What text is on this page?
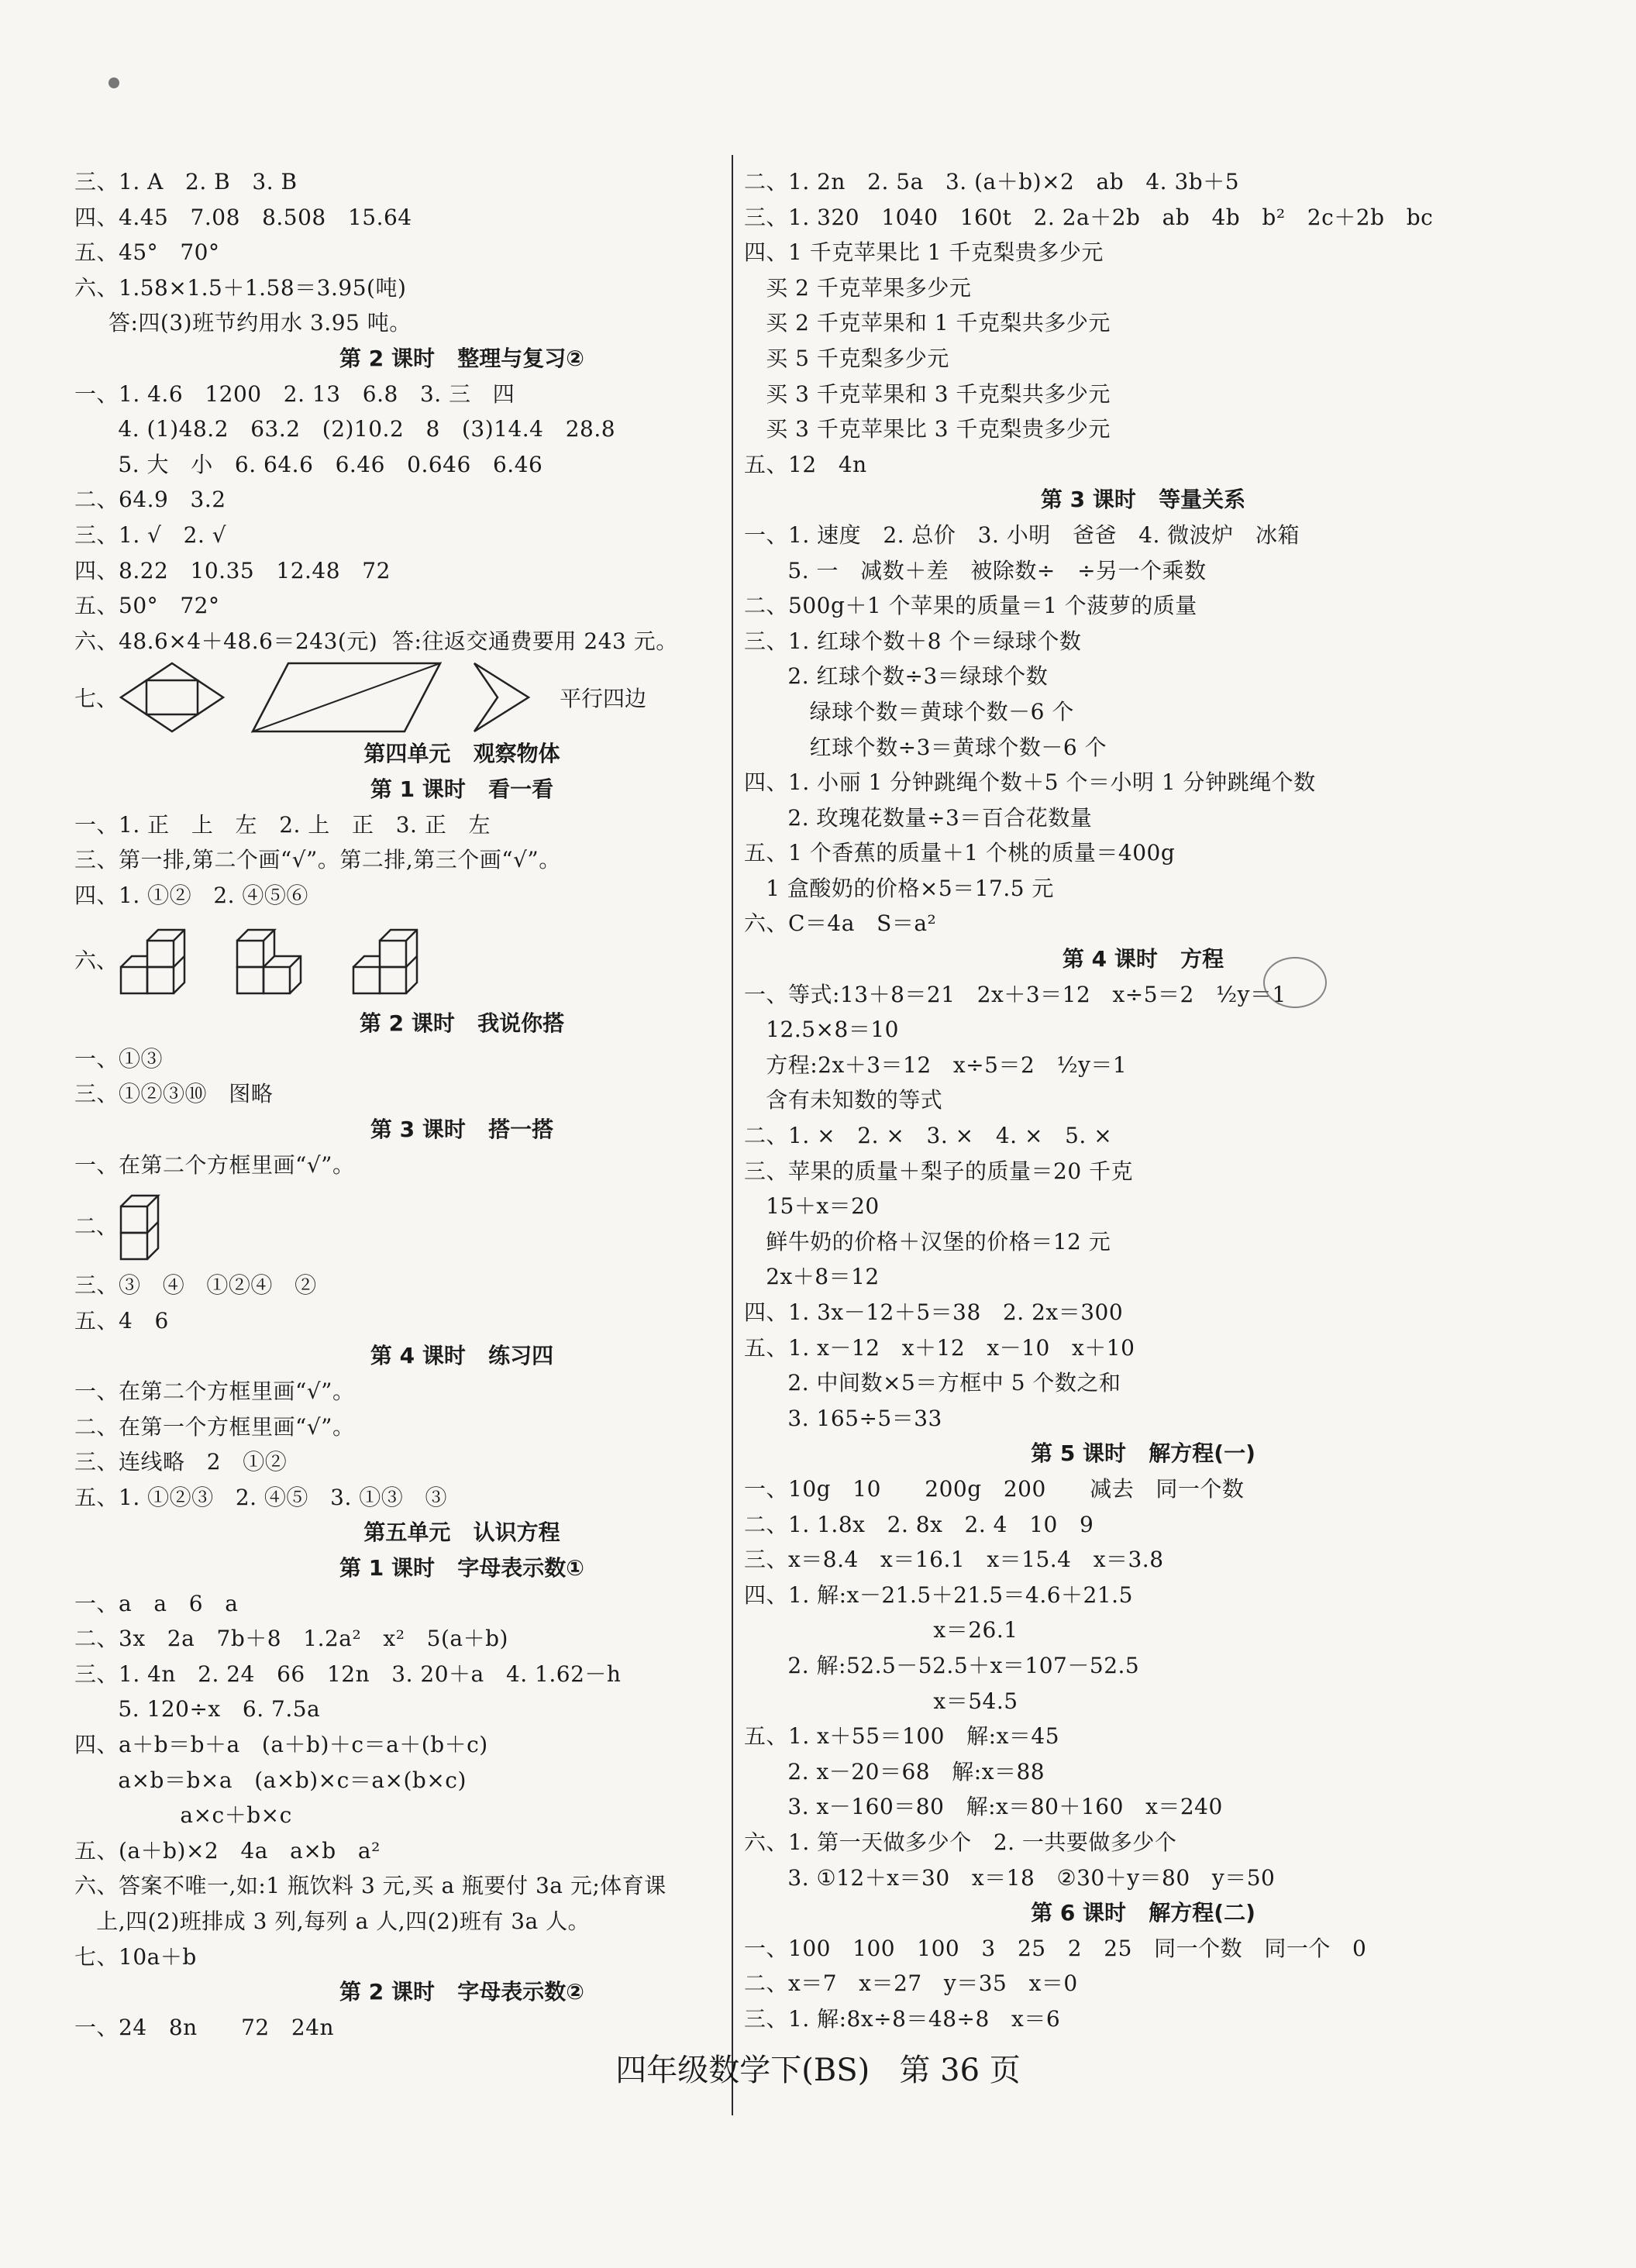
三、1. A   2. B   3. B
四、4.45   7.08   8.508   15.64
五、45°   70°
六、1.58×1.5＋1.58＝3.95(吨)
答:四(3)班节约用水 3.95 吨。
第 2 课时   整理与复习②
一、1. 4.6   1200   2. 13   6.8   3. 三   四
4. (1)48.2   63.2   (2)10.2   8   (3)14.4   28.8
5. 大   小   6. 64.6   6.46   0.646   6.46
二、64.9   3.2
三、1. √   2. √
四、8.22   10.35   12.48   72
五、50°   72°
六、48.6×4＋48.6＝243(元)  答:往返交通费要用 243 元。
七、	平行四边
第四单元   观察物体
第 1 课时   看一看
一、1. 正   上   左   2. 上   正   3. 正   左
三、第一排,第二个画“√”。第二排,第三个画“√”。
四、1. ①②   2. ④⑤⑥
六、
第 2 课时   我说你搭
一、①③
三、①②③⑩   图略
第 3 课时   搭一搭
一、在第二个方框里画“√”。
二、
三、③   ④   ①②④   ②
五、4   6
第 4 课时   练习四
一、在第二个方框里画“√”。
二、在第一个方框里画“√”。
三、连线略   2   ①②
五、1. ①②③   2. ④⑤   3. ①③   ③
第五单元   认识方程
第 1 课时   字母表示数①
一、a   a   6   a
二、3x   2a   7b＋8   1.2a²   x²   5(a＋b)
三、1. 4n   2. 24   66   12n   3. 20＋a   4. 1.62－h
5. 120÷x   6. 7.5a
四、a＋b＝b＋a   (a＋b)＋c＝a＋(b＋c)
a×b＝b×a   (a×b)×c＝a×(b×c)
a×c＋b×c
五、(a＋b)×2   4a   a×b   a²
六、答案不唯一,如:1 瓶饮料 3 元,买 a 瓶要付 3a 元;体育课
上,四(2)班排成 3 列,每列 a 人,四(2)班有 3a 人。
七、10a＋b
第 2 课时   字母表示数②
一、24   8n      72   24n
二、1. 2n   2. 5a   3. (a＋b)×2   ab   4. 3b＋5
三、1. 320   1040   160t   2. 2a＋2b   ab   4b   b²   2c＋2b   bc
四、1 千克苹果比 1 千克梨贵多少元
买 2 千克苹果多少元
买 2 千克苹果和 1 千克梨共多少元
买 5 千克梨多少元
买 3 千克苹果和 3 千克梨共多少元
买 3 千克苹果比 3 千克梨贵多少元
五、12   4n
第 3 课时   等量关系
一、1. 速度   2. 总价   3. 小明   爸爸   4. 微波炉   冰箱
5. 一   减数＋差   被除数÷   ÷另一个乘数
二、500g＋1 个苹果的质量＝1 个菠萝的质量
三、1. 红球个数＋8 个＝绿球个数
2. 红球个数÷3＝绿球个数
绿球个数＝黄球个数－6 个
红球个数÷3＝黄球个数－6 个
四、1. 小丽 1 分钟跳绳个数＋5 个＝小明 1 分钟跳绳个数
2. 玫瑰花数量÷3＝百合花数量
五、1 个香蕉的质量＋1 个桃的质量＝400g
1 盒酸奶的价格×5＝17.5 元
六、C＝4a   S＝a²
第 4 课时   方程
一、等式:13＋8＝21   2x＋3＝12   x÷5＝2   ½y＝1
12.5×8＝10
方程:2x＋3＝12   x÷5＝2   ½y＝1
含有未知数的等式
二、1. ×   2. ×   3. ×   4. ×   5. ×
三、苹果的质量＋梨子的质量＝20 千克
15＋x＝20
鲜牛奶的价格＋汉堡的价格＝12 元
2x＋8＝12
四、1. 3x－12＋5＝38   2. 2x＝300
五、1. x－12   x＋12   x－10   x＋10
2. 中间数×5＝方框中 5 个数之和
3. 165÷5＝33
第 5 课时   解方程(一)
一、10g   10      200g   200      减去   同一个数
二、1. 1.8x   2. 8x   2. 4   10   9
三、x＝8.4   x＝16.1   x＝15.4   x＝3.8
四、1. 解:x－21.5＋21.5＝4.6＋21.5
x＝26.1
2. 解:52.5－52.5＋x＝107－52.5
x＝54.5
五、1. x＋55＝100   解:x＝45
2. x－20＝68   解:x＝88
3. x－160＝80   解:x＝80＋160   x＝240
六、1. 第一天做多少个   2. 一共要做多少个
3. ①12＋x＝30   x＝18   ②30＋y＝80   y＝50
第 6 课时   解方程(二)
一、100   100   100   3   25   2   25   同一个数   同一个   0
二、x＝7   x＝27   y＝35   x＝0
三、1. 解:8x÷8＝48÷8   x＝6
四年级数学下(BS)   第 36 页
